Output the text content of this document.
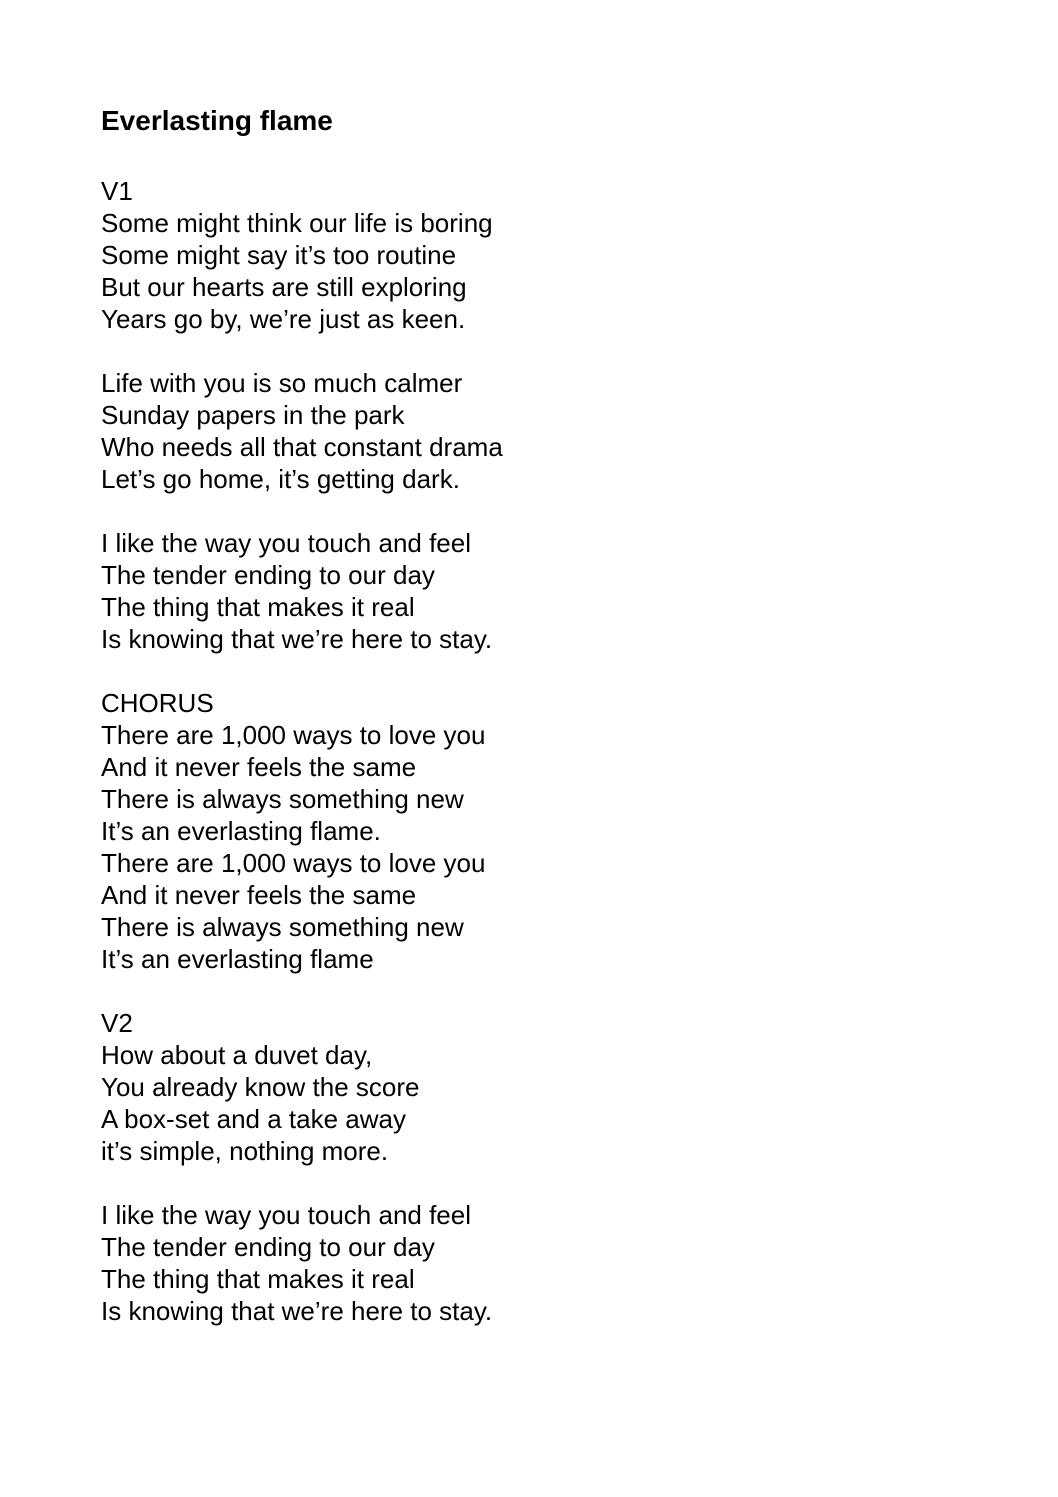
Everlasting flame
V1
Some might think our life is boring
Some might say it’s too routine
But our hearts are still exploring
Years go by, we’re just as keen.
Life with you is so much calmer
Sunday papers in the park
Who needs all that constant drama
Let’s go home, it’s getting dark.
I like the way you touch and feel
The tender ending to our day
The thing that makes it real
Is knowing that we’re here to stay.
CHORUS
There are 1,000 ways to love you
And it never feels the same
There is always something new
It’s an everlasting flame.
There are 1,000 ways to love you
And it never feels the same
There is always something new
It’s an everlasting flame
V2
How about a duvet day,
You already know the score
A box-set and a take away
it’s simple, nothing more.
I like the way you touch and feel
The tender ending to our day
The thing that makes it real
Is knowing that we’re here to stay.
